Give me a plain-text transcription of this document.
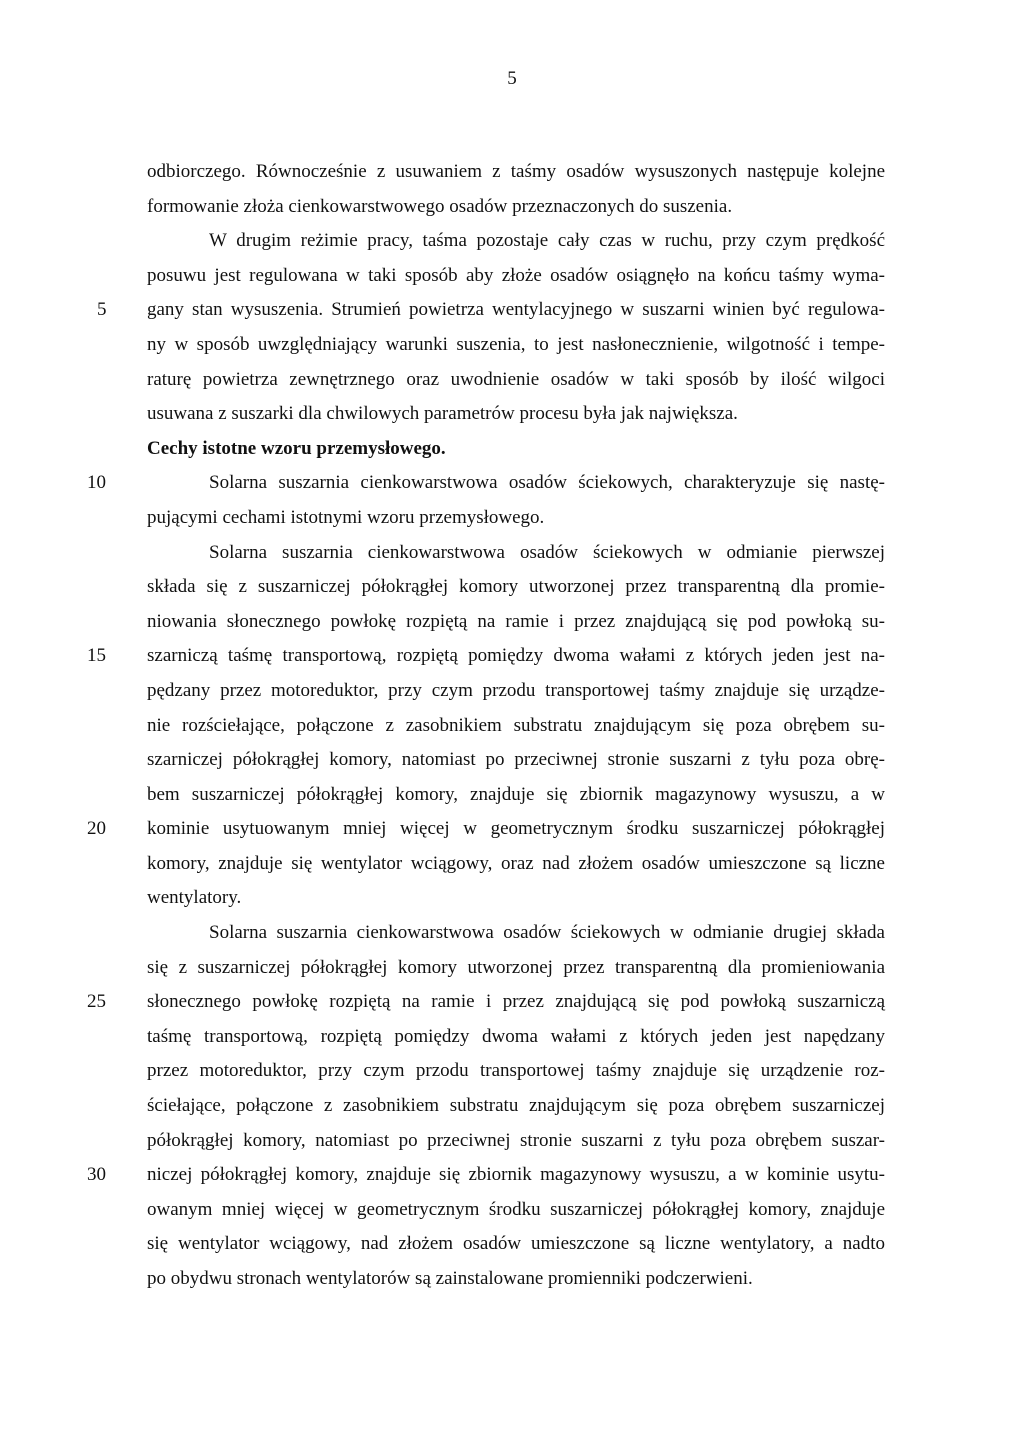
5
odbiorczego. Równocześnie z usuwaniem z taśmy osadów wysuszonych następuje kolejne
formowanie złoża cienkowarstwowego osadów przeznaczonych do suszenia.
W drugim reżimie pracy, taśma pozostaje cały czas w ruchu, przy czym prędkość
posuwu jest regulowana w taki sposób aby złoże osadów osiągnęło na końcu taśmy wyma-
5	gany stan wysuszenia. Strumień powietrza wentylacyjnego w suszarni winien być regulowa-
ny w sposób uwzględniający warunki suszenia, to jest nasłonecznienie, wilgotność i tempe-
raturę powietrza zewnętrznego oraz uwodnienie osadów w taki sposób by ilość wilgoci
usuwana z suszarki dla chwilowych parametrów procesu była jak największa.
Cechy istotne wzoru przemysłowego.
10	Solarna suszarnia cienkowarstwowa osadów ściekowych, charakteryzuje się nastę-
pującymi cechami istotnymi wzoru przemysłowego.
Solarna suszarnia cienkowarstwowa osadów ściekowych w odmianie pierwszej
składa się z suszarniczej półokrągłej komory utworzonej przez transparentną dla promie-
niowania słonecznego powłokę rozpiętą na ramie i przez znajdującą się pod powłoką su-
15	szarniczą taśmę transportową, rozpiętą pomiędzy dwoma wałami z których jeden jest na-
pędzany przez motoreduktor, przy czym przodu transportowej taśmy znajduje się urządze-
nie rozściełające, połączone z zasobnikiem substratu znajdującym się poza obrębem su-
szarniczej półokrągłej komory, natomiast po przeciwnej stronie suszarni z tyłu poza obrę-
bem suszarniczej półokrągłej komory, znajduje się zbiornik magazynowy wysuszu, a w
20	kominie usytuowanym mniej więcej w geometrycznym środku suszarniczej półokrągłej
komory, znajduje się wentylator wciągowy, oraz nad złożem osadów umieszczone są liczne
wentylatory.
Solarna suszarnia cienkowarstwowa osadów ściekowych w odmianie drugiej składa
się z suszarniczej półokrągłej komory utworzonej przez transparentną dla promieniowania
25	słonecznego powłokę rozpiętą na ramie i przez znajdującą się pod powłoką suszarniczą
taśmę transportową, rozpiętą pomiędzy dwoma wałami z których jeden jest napędzany
przez motoreduktor, przy czym przodu transportowej taśmy znajduje się urządzenie roz-
ściełające, połączone z zasobnikiem substratu znajdującym się poza obrębem suszarniczej
półokrągłej komory, natomiast po przeciwnej stronie suszarni z tyłu poza obrębem suszar-
30	niczej półokrągłej komory, znajduje się zbiornik magazynowy wysuszu, a w kominie usytu-
owanym mniej więcej w geometrycznym środku suszarniczej półokrągłej komory, znajduje
się wentylator wciągowy, nad złożem osadów umieszczone są liczne wentylatory, a nadto
po obydwu stronach wentylatorów są zainstalowane promienniki podczerwieni.
